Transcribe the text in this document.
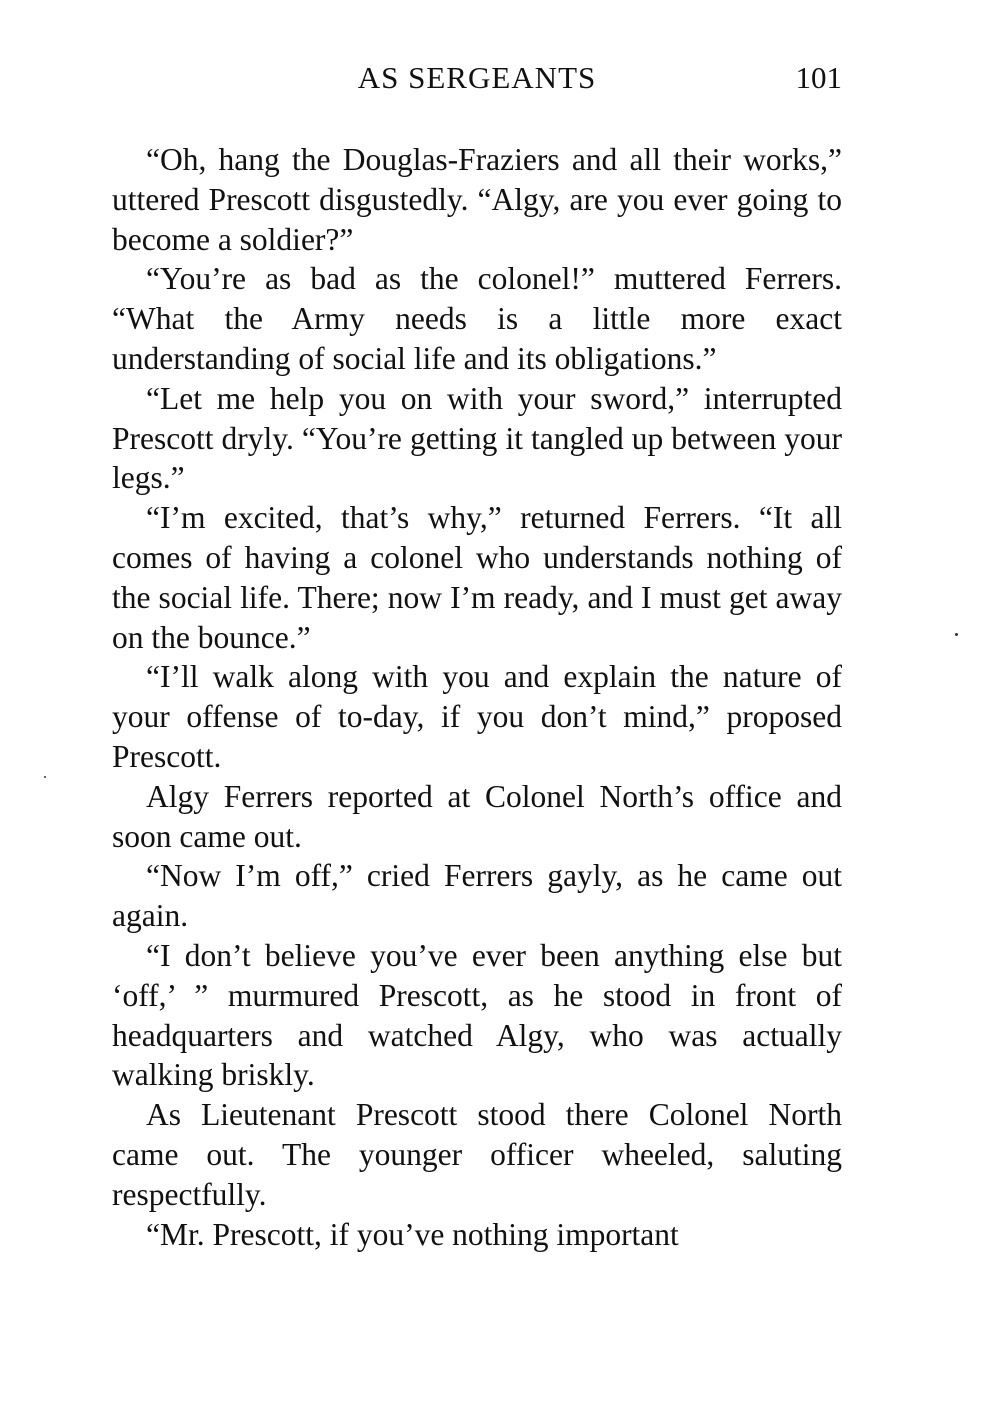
AS SERGEANTS	101

“Oh, hang the Douglas-Fraziers and all their works,” uttered Prescott disgustedly. “Algy, are you ever going to become a soldier?”

“You’re as bad as the colonel!” muttered Ferrers. “What the Army needs is a little more exact understanding of social life and its obligations.”

“Let me help you on with your sword,” interrupted Prescott dryly. “You’re getting it tangled up between your legs.”

“I’m excited, that’s why,” returned Ferrers. “It all comes of having a colonel who understands nothing of the social life. There; now I’m ready, and I must get away on the bounce.”

“I’ll walk along with you and explain the nature of your offense of to-day, if you don’t mind,” proposed Prescott.

Algy Ferrers reported at Colonel North’s office and soon came out.

“Now I’m off,” cried Ferrers gayly, as he came out again.

“I don’t believe you’ve ever been anything else but ‘off,’ ” murmured Prescott, as he stood in front of headquarters and watched Algy, who was actually walking briskly.

As Lieutenant Prescott stood there Colonel North came out. The younger officer wheeled, saluting respectfully.

“Mr. Prescott, if you’ve nothing important
